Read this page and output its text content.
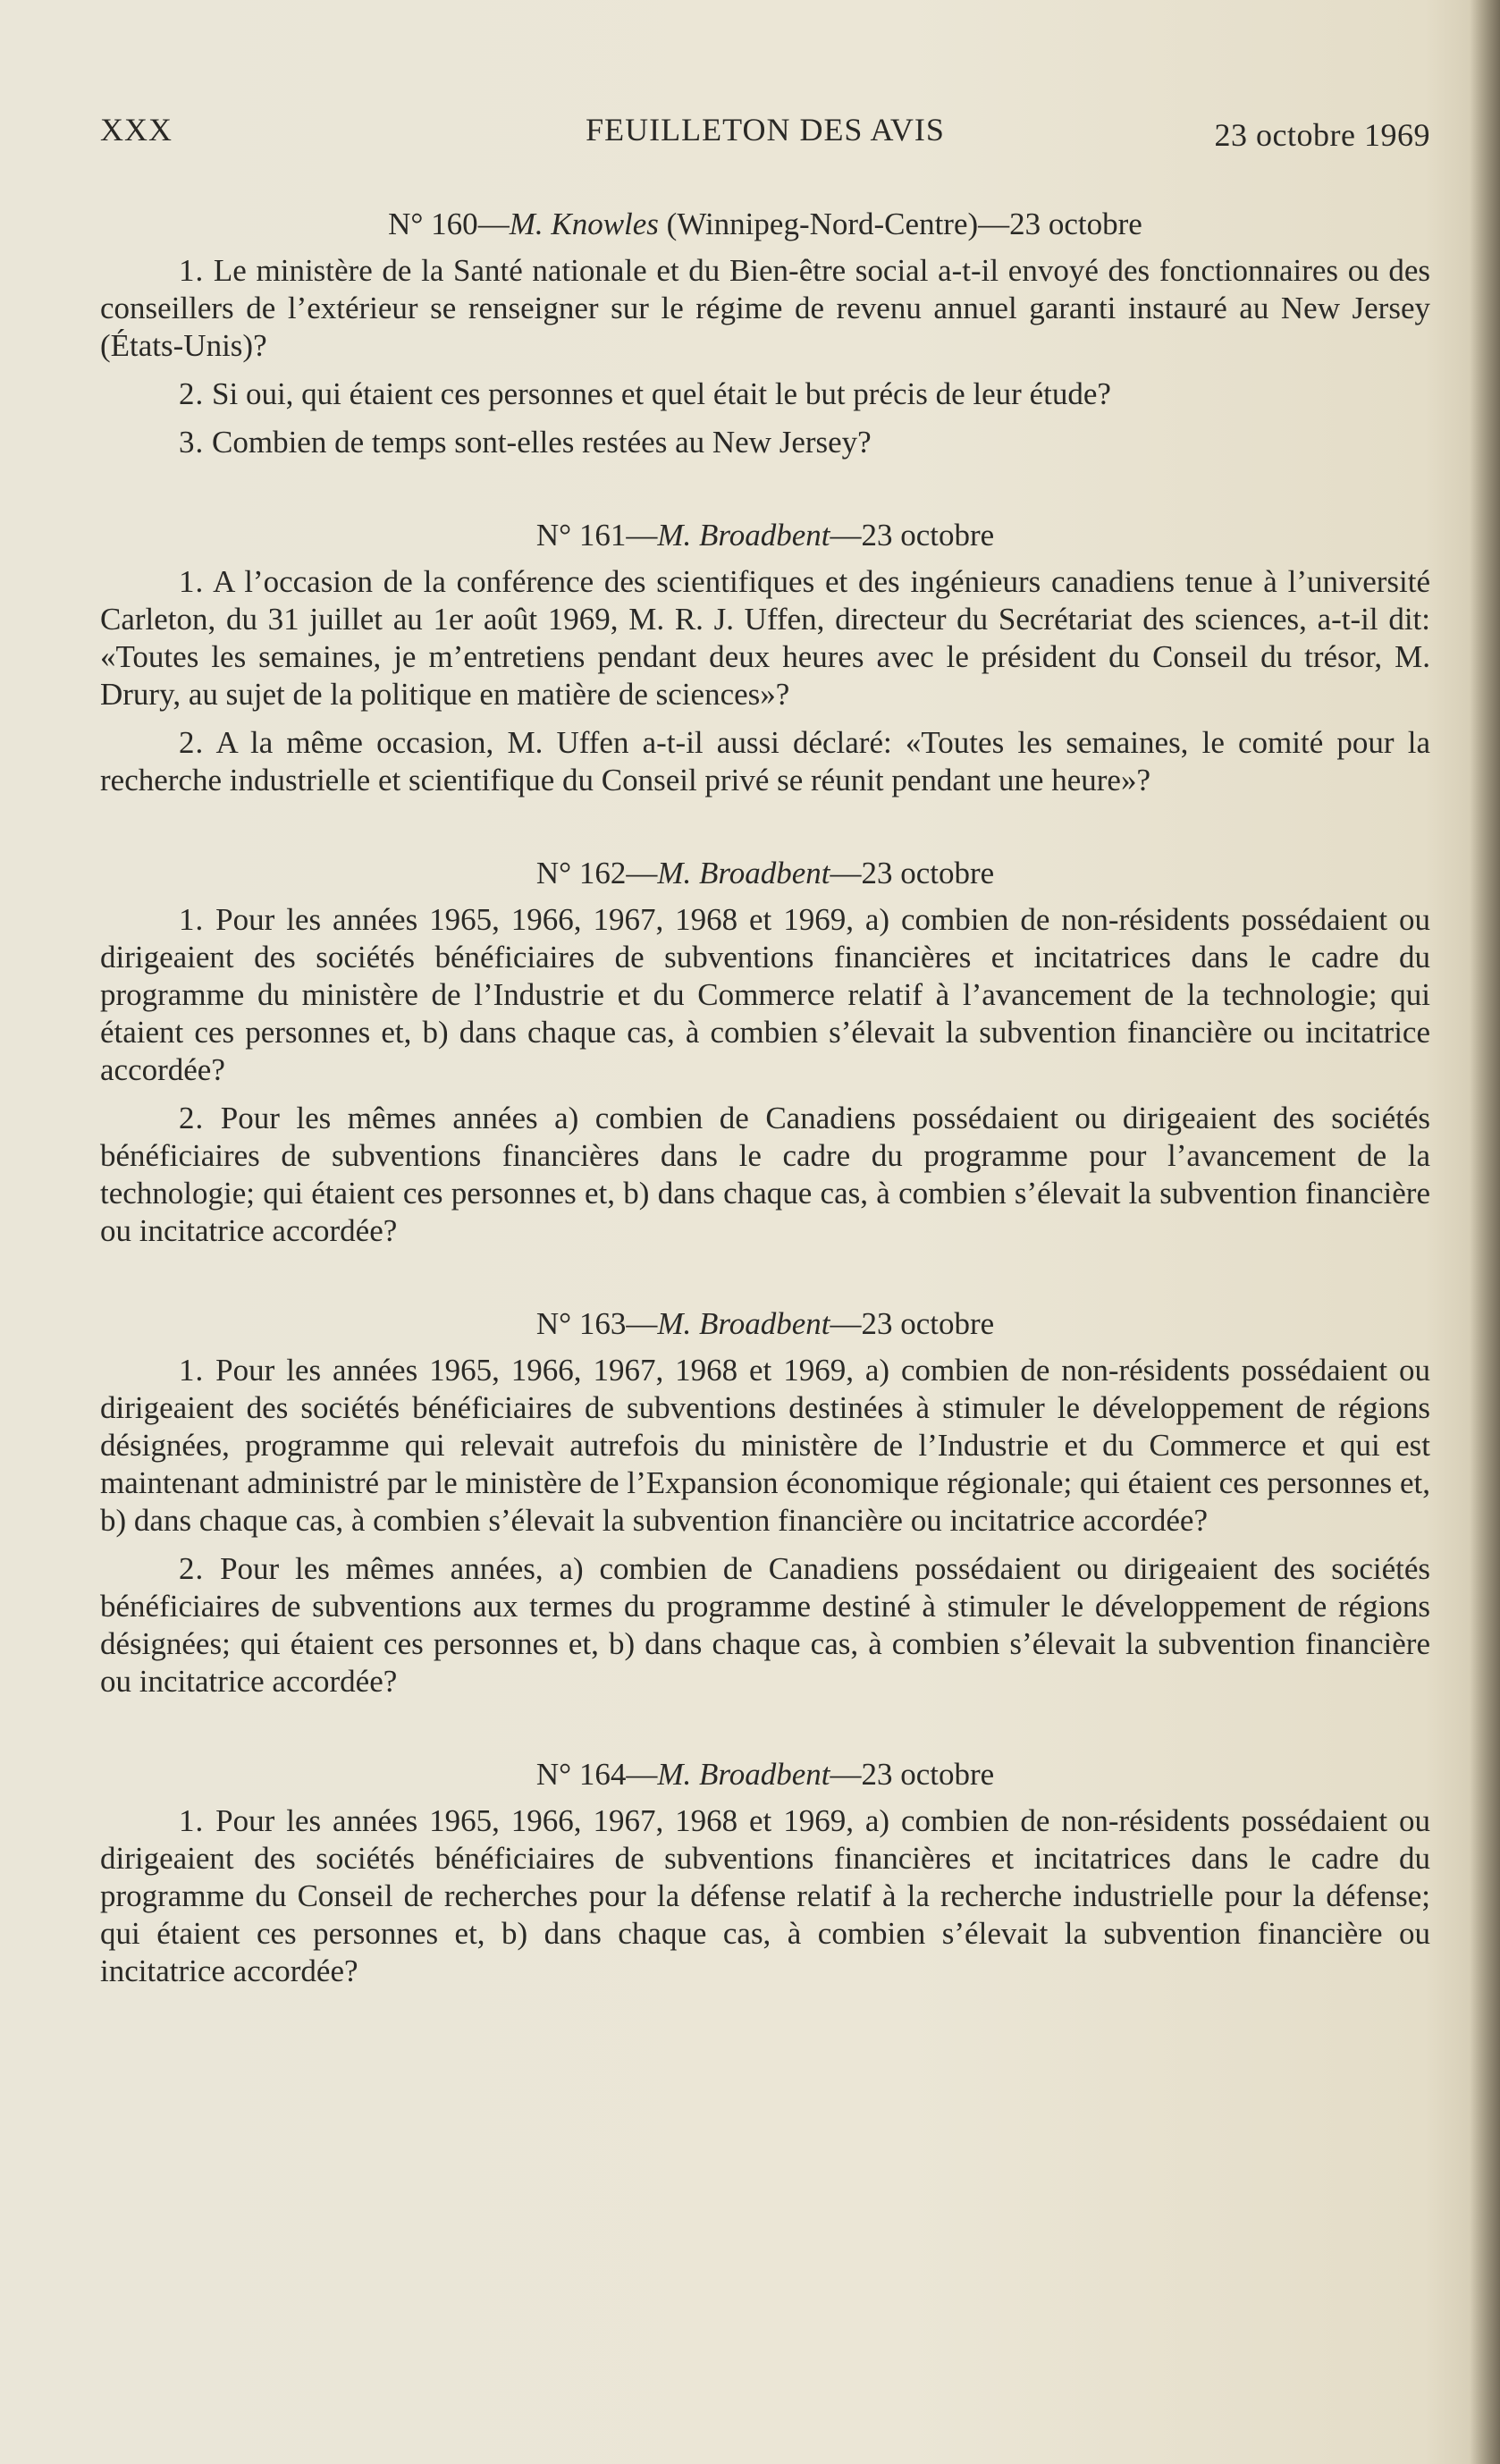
XXX	FEUILLETON DES AVIS	23 octobre 1969
N° 160—M. Knowles (Winnipeg-Nord-Centre)—23 octobre

1. Le ministère de la Santé nationale et du Bien-être social a-t-il envoyé des fonctionnaires ou des conseillers de l’extérieur se renseigner sur le régime de revenu annuel garanti instauré au New Jersey (États-Unis)?

2. Si oui, qui étaient ces personnes et quel était le but précis de leur étude?

3. Combien de temps sont-elles restées au New Jersey?

N° 161—M. Broadbent—23 octobre

1. A l’occasion de la conférence des scientifiques et des ingénieurs canadiens tenue à l’université Carleton, du 31 juillet au 1er août 1969, M. R. J. Uffen, directeur du Secrétariat des sciences, a-t-il dit: «Toutes les semaines, je m’entretiens pendant deux heures avec le président du Conseil du trésor, M. Drury, au sujet de la politique en matière de sciences»?

2. A la même occasion, M. Uffen a-t-il aussi déclaré: «Toutes les semaines, le comité pour la recherche industrielle et scientifique du Conseil privé se réunit pendant une heure»?

N° 162—M. Broadbent—23 octobre

1. Pour les années 1965, 1966, 1967, 1968 et 1969, a) combien de non-résidents possédaient ou dirigeaient des sociétés bénéficiaires de subventions financières et incitatrices dans le cadre du programme du ministère de l’Industrie et du Commerce relatif à l’avancement de la technologie; qui étaient ces personnes et, b) dans chaque cas, à combien s’élevait la subvention financière ou incitatrice accordée?

2. Pour les mêmes années a) combien de Canadiens possédaient ou dirigeaient des sociétés bénéficiaires de subventions financières dans le cadre du programme pour l’avancement de la technologie; qui étaient ces personnes et, b) dans chaque cas, à combien s’élevait la subvention financière ou incitatrice accordée?

N° 163—M. Broadbent—23 octobre

1. Pour les années 1965, 1966, 1967, 1968 et 1969, a) combien de non-résidents possédaient ou dirigeaient des sociétés bénéficiaires de subventions destinées à stimuler le développement de régions désignées, programme qui relevait autrefois du ministère de l’Industrie et du Commerce et qui est maintenant administré par le ministère de l’Expansion économique régionale; qui étaient ces personnes et, b) dans chaque cas, à combien s’élevait la subvention financière ou incitatrice accordée?

2. Pour les mêmes années, a) combien de Canadiens possédaient ou dirigeaient des sociétés bénéficiaires de subventions aux termes du programme destiné à stimuler le développement de régions désignées; qui étaient ces personnes et, b) dans chaque cas, à combien s’élevait la subvention financière ou incitatrice accordée?

N° 164—M. Broadbent—23 octobre

1. Pour les années 1965, 1966, 1967, 1968 et 1969, a) combien de non-résidents possédaient ou dirigeaient des sociétés bénéficiaires de subventions financières et incitatrices dans le cadre du programme du Conseil de recherches pour la défense relatif à la recherche industrielle pour la défense; qui étaient ces personnes et, b) dans chaque cas, à combien s’élevait la subvention financière ou incitatrice accordée?
